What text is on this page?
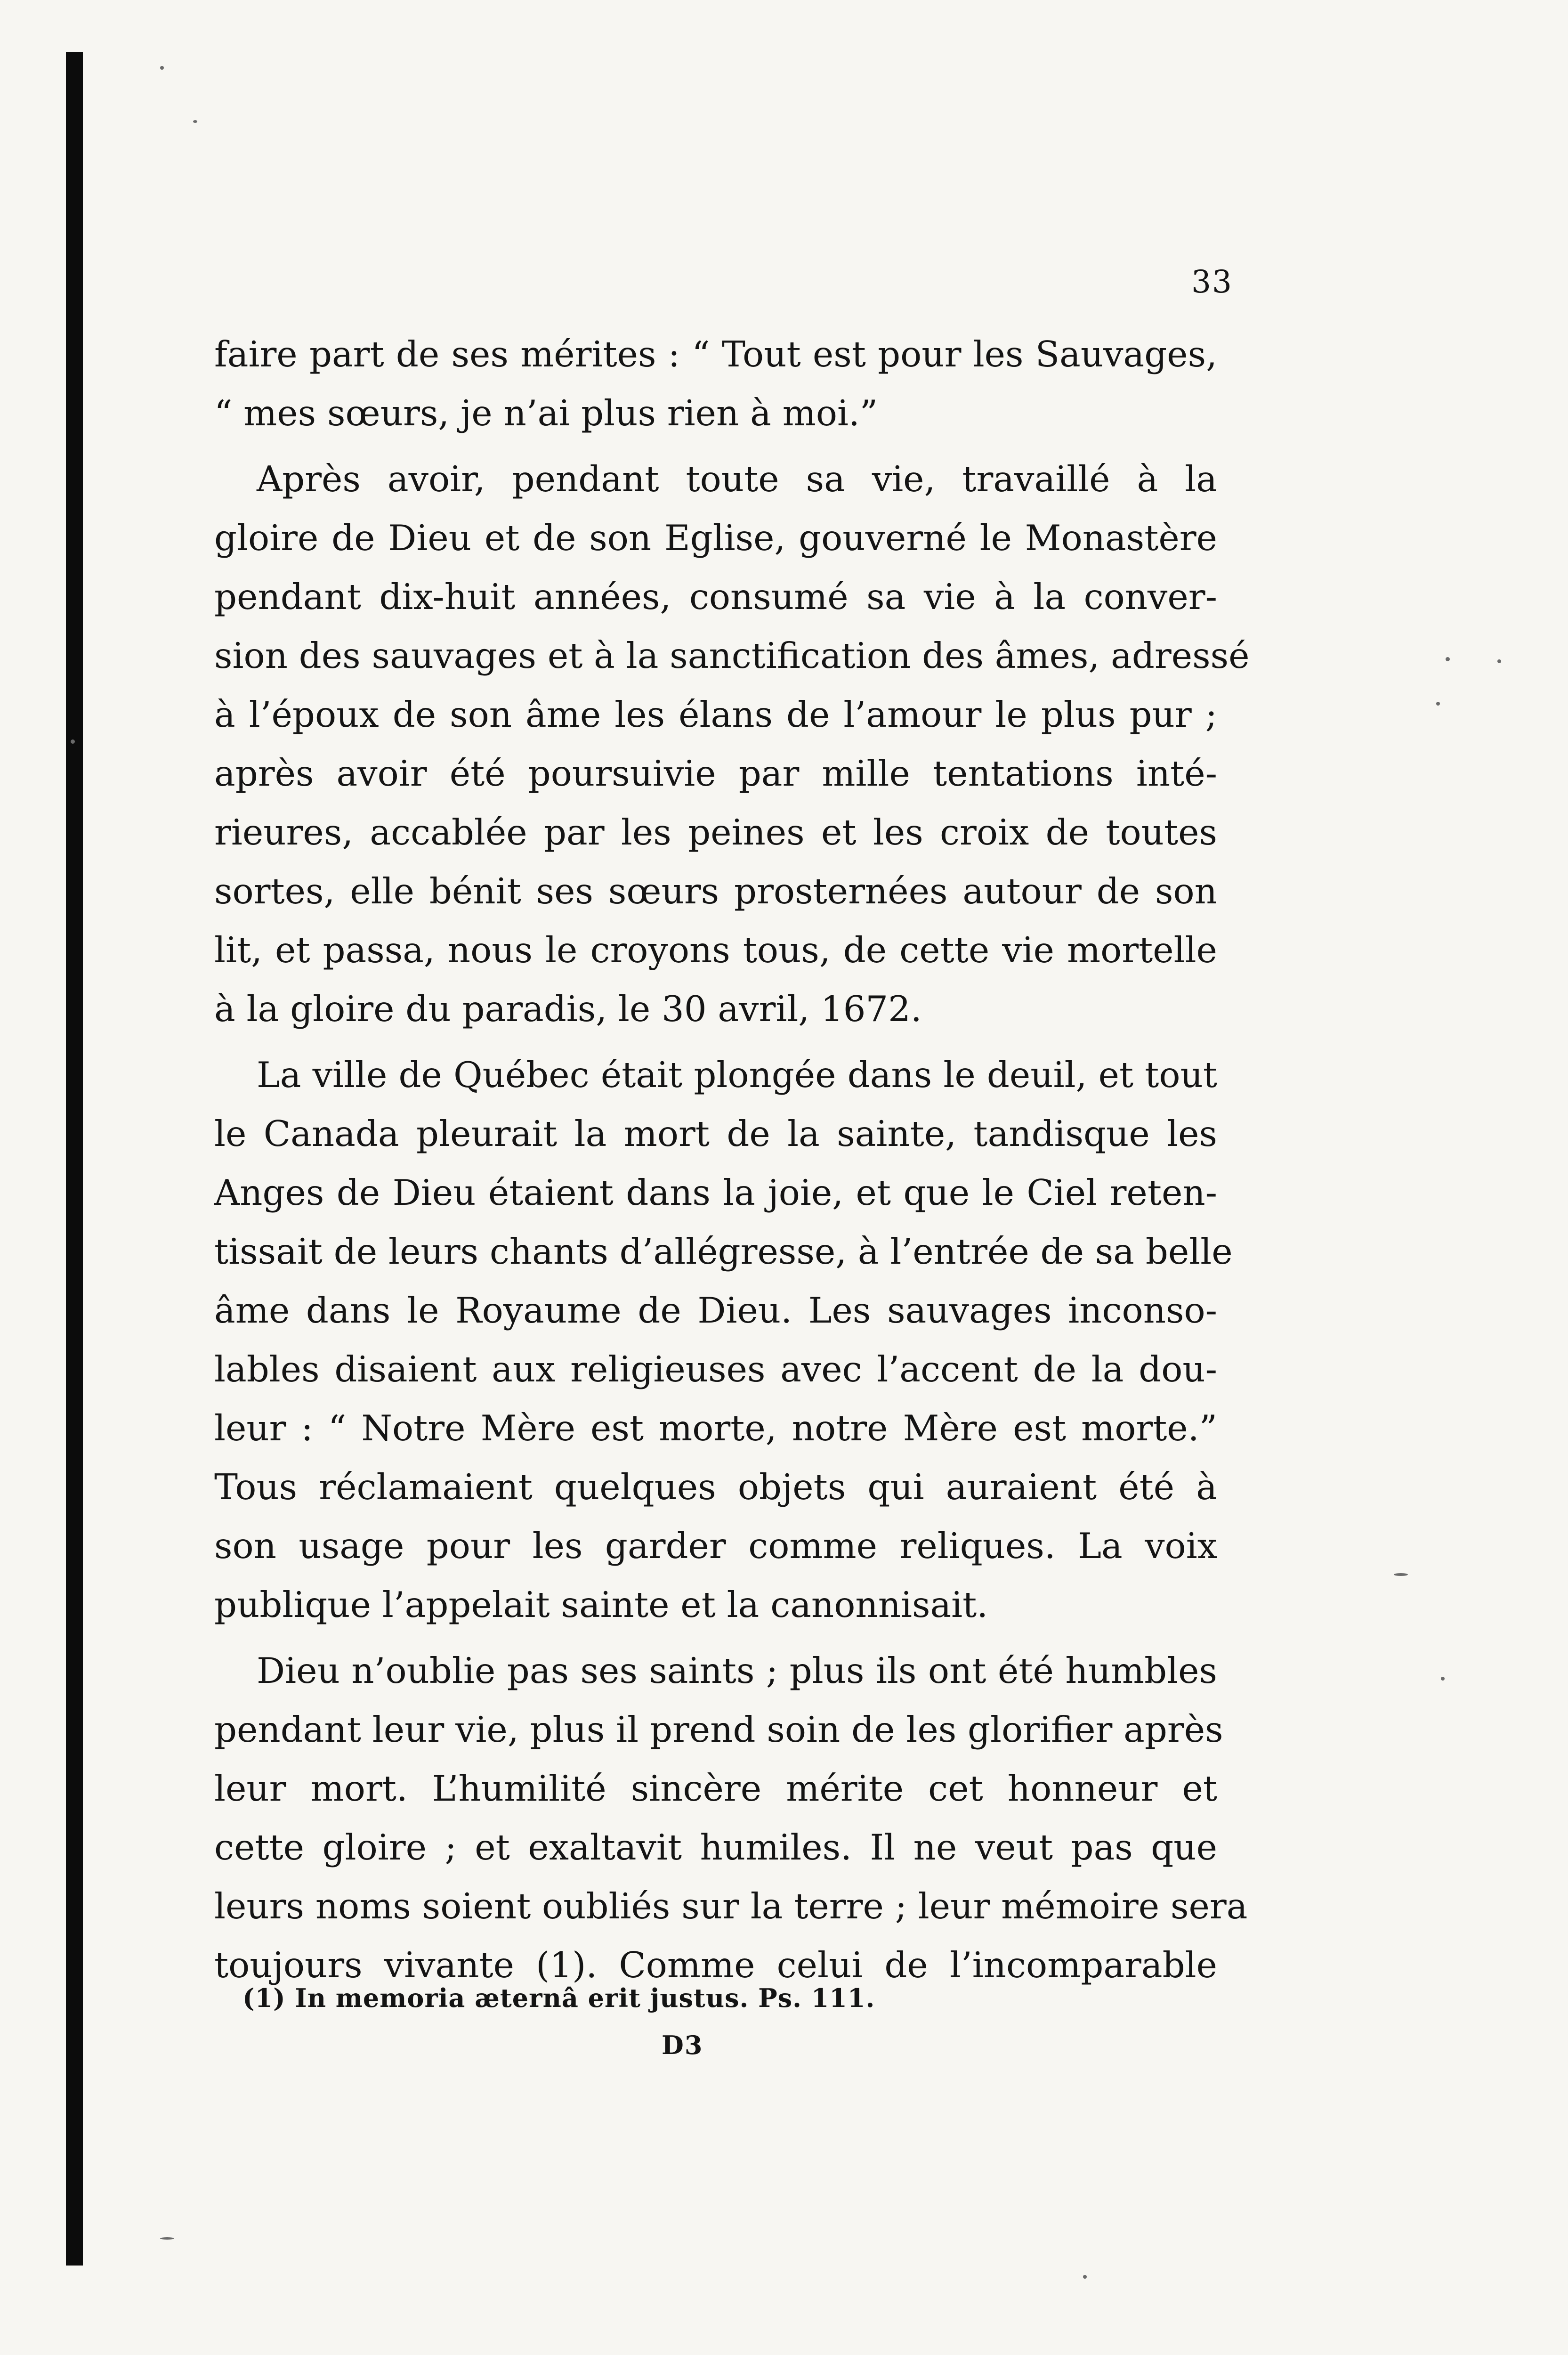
33

faire part de ses mérites : “ Tout est pour les Sauvages,
“ mes sœurs, je n’ai plus rien à moi.”

Après avoir, pendant toute sa vie, travaillé à la
gloire de Dieu et de son Eglise, gouverné le Monastère
pendant dix-huit années, consumé sa vie à la conver-
sion des sauvages et à la sanctification des âmes, adressé
à l’époux de son âme les élans de l’amour le plus pur ;
après avoir été poursuivie par mille tentations inté-
rieures, accablée par les peines et les croix de toutes
sortes, elle bénit ses sœurs prosternées autour de son
lit, et passa, nous le croyons tous, de cette vie mortelle
à la gloire du paradis, le 30 avril, 1672.

La ville de Québec était plongée dans le deuil, et tout
le Canada pleurait la mort de la sainte, tandisque les
Anges de Dieu étaient dans la joie, et que le Ciel reten-
tissait de leurs chants d’allégresse, à l’entrée de sa belle
âme dans le Royaume de Dieu. Les sauvages inconso-
lables disaient aux religieuses avec l’accent de la dou-
leur : “ Notre Mère est morte, notre Mère est morte.”
Tous réclamaient quelques objets qui auraient été à
son usage pour les garder comme reliques. La voix
publique l’appelait sainte et la canonnisait.

Dieu n’oublie pas ses saints ; plus ils ont été humbles
pendant leur vie, plus il prend soin de les glorifier après
leur mort. L’humilité sincère mérite cet honneur et
cette gloire ; et exaltavit humiles. Il ne veut pas que
leurs noms soient oubliés sur la terre ; leur mémoire sera
toujours vivante (1). Comme celui de l’incomparable

(1) In memoria æternâ erit justus. Ps. 111.
D3
